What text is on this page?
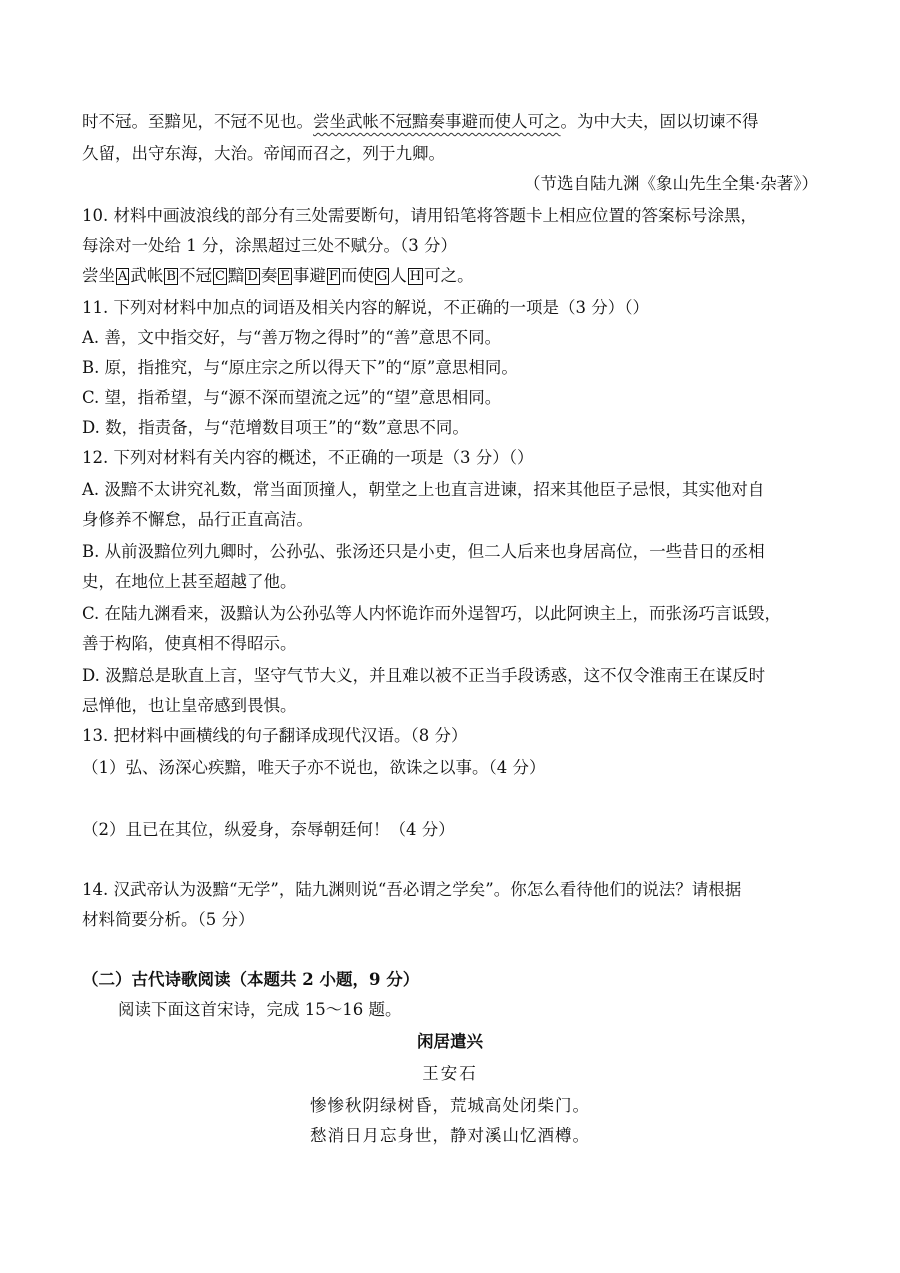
时不冠。至黯见，不冠不见也。尝坐武帐不冠黯奏事避而使人可之。为中大夫，固以切谏不得
久留，出守东海，大治。帝闻而召之，列于九卿。
（节选自陆九渊《象山先生全集·杂著》）
10. 材料中画波浪线的部分有三处需要断句，请用铅笔将答题卡上相应位置的答案标号涂黑，
每涂对一处给 1 分，涂黑超过三处不赋分。（3 分）
尝坐 A 武帐 B 不冠 C 黯 D 奏 E 事避 F 而使 G 人 H 可之。
11. 下列对材料中加点的词语及相关内容的解说，不正确的一项是（3 分）（）
A. 善，文中指交好，与“善万物之得时”的“善”意思不同。
B. 原，指推究，与“原庄宗之所以得天下”的“原”意思相同。
C. 望，指希望，与“源不深而望流之远”的“望”意思相同。
D. 数，指责备，与“范增数目项王”的“数”意思不同。
12. 下列对材料有关内容的概述，不正确的一项是（3 分）（）
A. 汲黯不太讲究礼数，常当面顶撞人，朝堂之上也直言进谏，招来其他臣子忌恨，其实他对自
身修养不懈怠，品行正直高洁。
B. 从前汲黯位列九卿时，公孙弘、张汤还只是小吏，但二人后来也身居高位，一些昔日的丞相
史，在地位上甚至超越了他。
C. 在陆九渊看来，汲黯认为公孙弘等人内怀诡诈而外逞智巧，以此阿谀主上，而张汤巧言诋毁，
善于构陷，使真相不得昭示。
D. 汲黯总是耿直上言，坚守气节大义，并且难以被不正当手段诱惑，这不仅令淮南王在谋反时
忌惮他，也让皇帝感到畏惧。
13. 把材料中画横线的句子翻译成现代汉语。（8 分）
（1）弘、汤深心疾黯，唯天子亦不说也，欲诛之以事。（4 分）
（2）且已在其位，纵爱身，奈辱朝廷何！（4 分）
14. 汉武帝认为汲黯“无学”，陆九渊则说“吾必谓之学矣”。你怎么看待他们的说法？请根据
材料简要分析。（5 分）
（二）古代诗歌阅读（本题共 2 小题，9 分）
阅读下面这首宋诗，完成 15～16 题。
闲居遣兴
王安石
惨惨秋阴绿树昏，荒城高处闭柴门。
愁消日月忘身世，静对溪山忆酒樽。
